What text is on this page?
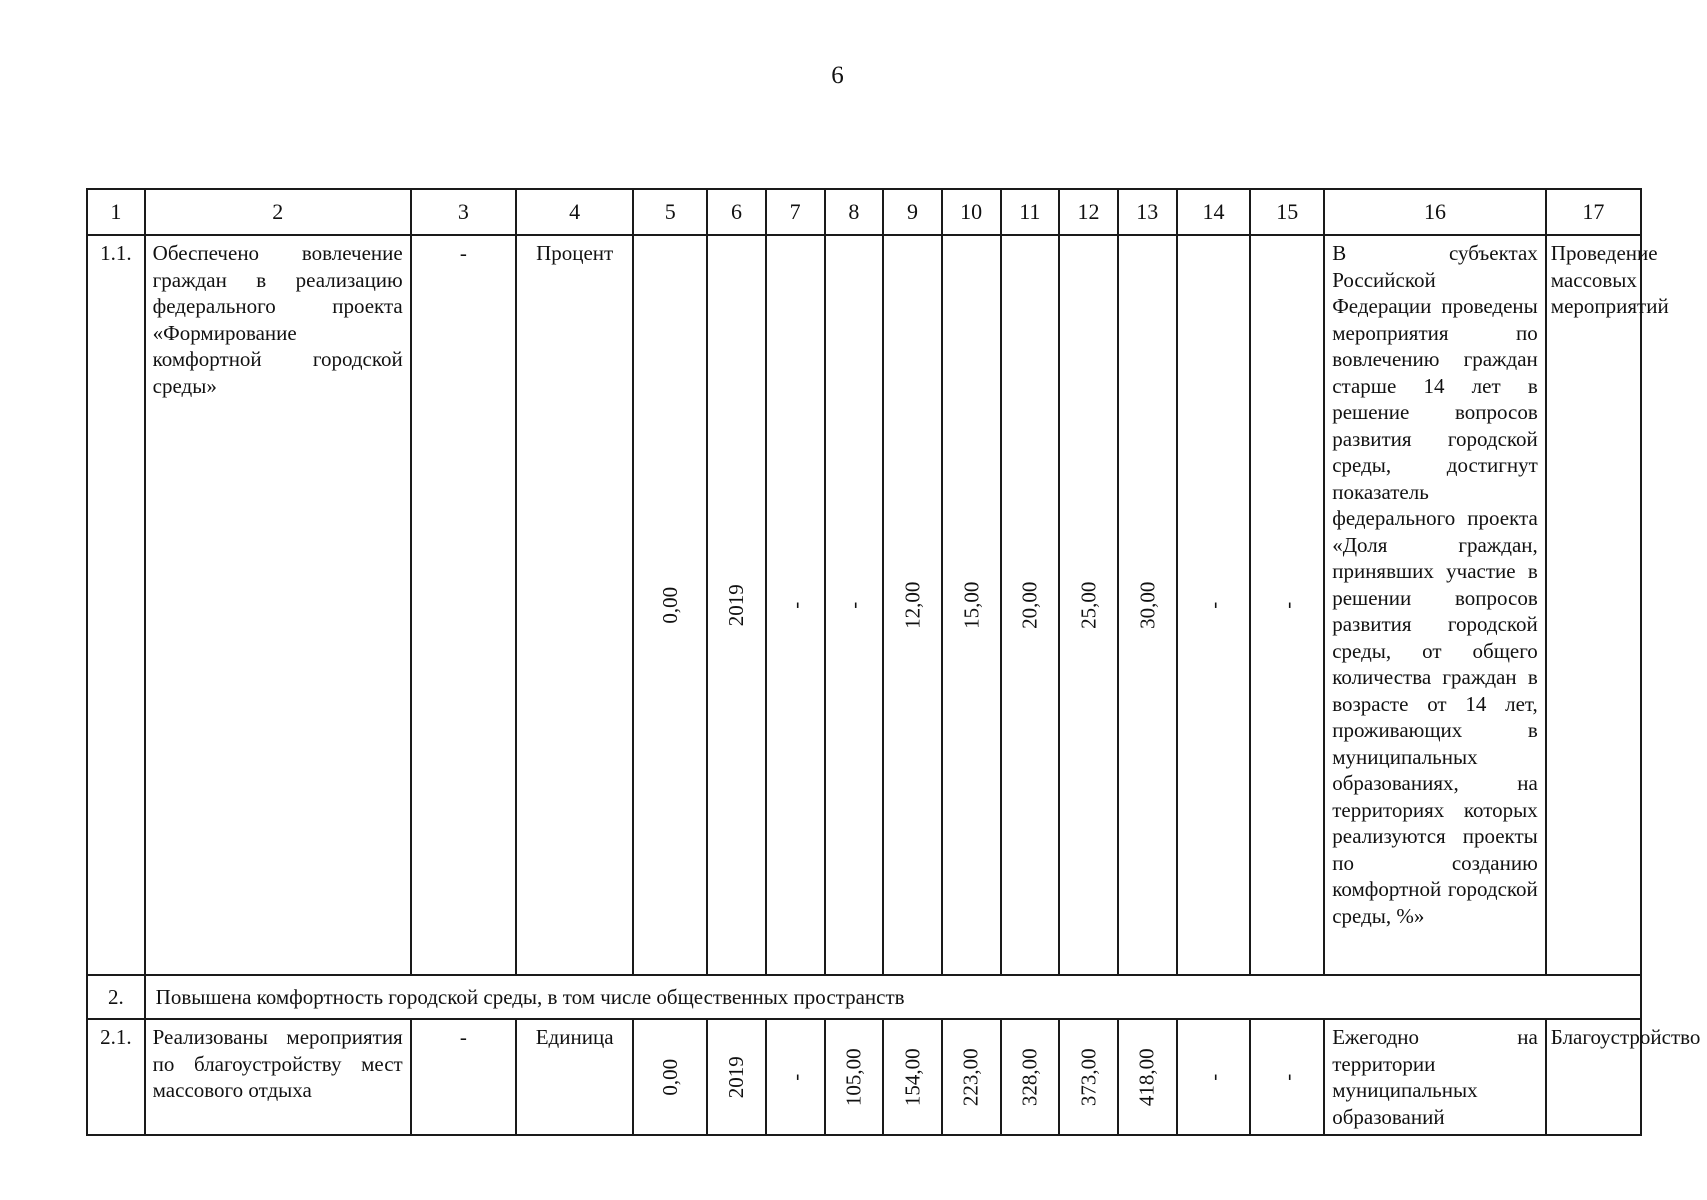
6
1	2	3	4	5	6	7	8	9	10	11	12	13	14	15	16	17
1.1.	Обеспечено вовлечение граждан в реализацию федерального проекта «Формирование комфортной городской среды»	-	Процент	0,00	2019	-	-	12,00	15,00	20,00	25,00	30,00	-	-	В субъектах Российской Федерации проведены мероприятия по вовлечению граждан старше 14 лет в решение вопросов развития городской среды, достигнут показатель федерального проекта «Доля граждан, принявших участие в решении вопросов развития городской среды, от общего количества граждан в возрасте от 14 лет, проживающих в муниципальных образованиях, на территориях которых реализуются проекты по созданию комфортной городской среды, %»	Проведение массовых мероприятий
2.	Повышена комфортность городской среды, в том числе общественных пространств															
2.1.	Реализованы мероприятия по благоустройству мест массового отдыха	-	Единица	0,00	2019	-	105,00	154,00	223,00	328,00	373,00	418,00	-	-	Ежегодно на территории муниципальных образований	Благоустройство
